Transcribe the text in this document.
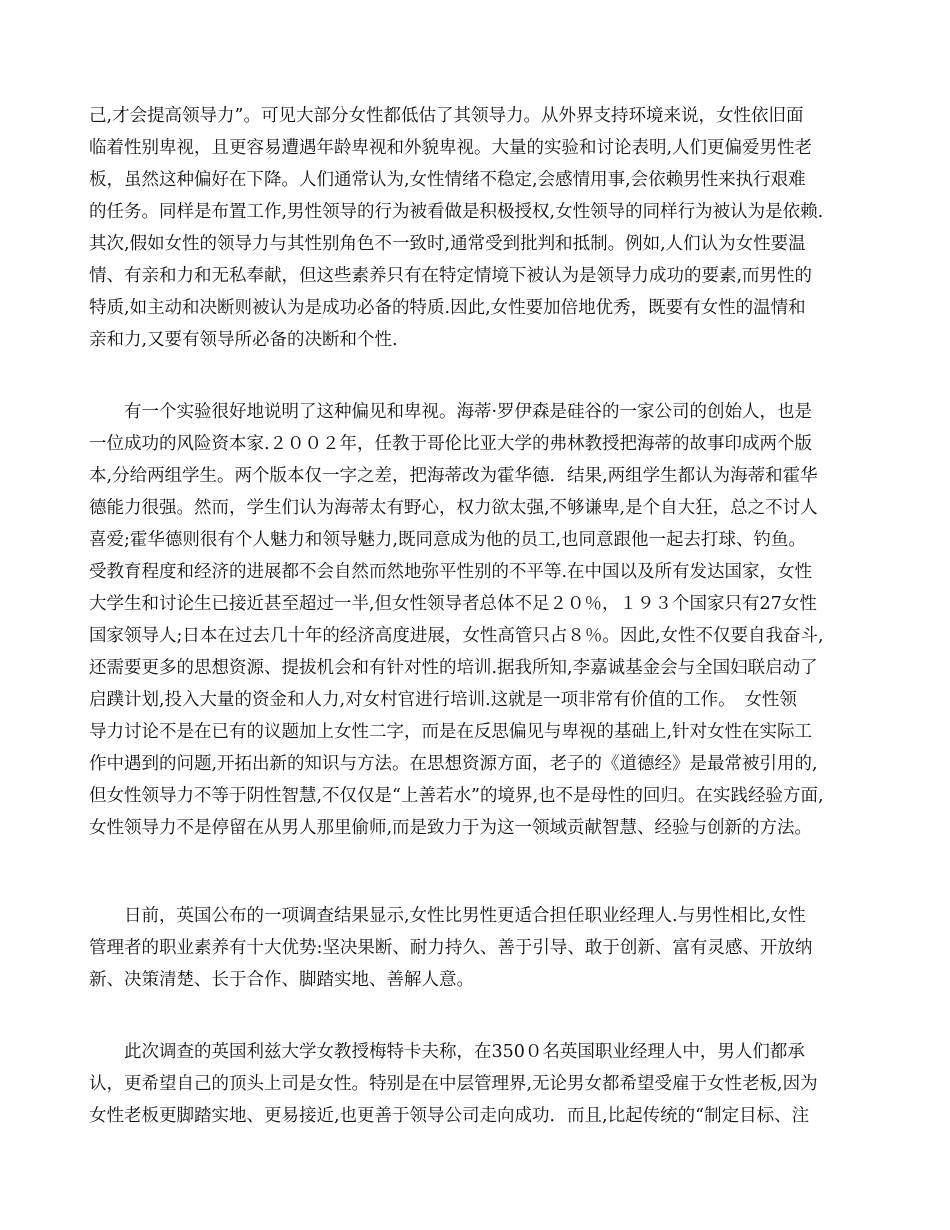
己,才会提高领导力”。可见大部分女性都低估了其领导力。从外界支持环境来说，女性依旧面
临着性别卑视，且更容易遭遇年龄卑视和外貌卑视。大量的实验和讨论表明,人们更偏爱男性老
板，虽然这种偏好在下降。人们通常认为,女性情绪不稳定,会感情用事,会依赖男性来执行艰难
的任务。同样是布置工作,男性领导的行为被看做是积极授权,女性领导的同样行为被认为是依赖.
其次,假如女性的领导力与其性别角色不一致时,通常受到批判和抵制。例如,人们认为女性要温
情、有亲和力和无私奉献，但这些素养只有在特定情境下被认为是领导力成功的要素,而男性的
特质,如主动和决断则被认为是成功必备的特质.因此,女性要加倍地优秀，既要有女性的温情和
亲和力,又要有领导所必备的决断和个性.
　　有一个实验很好地说明了这种偏见和卑视。海蒂·罗伊森是硅谷的一家公司的创始人，也是
一位成功的风险资本家.２００２年，任教于哥伦比亚大学的弗林教授把海蒂的故事印成两个版
本,分给两组学生。两个版本仅一字之差，把海蒂改为霍华德．结果,两组学生都认为海蒂和霍华
德能力很强。然而，学生们认为海蒂太有野心，权力欲太强,不够谦卑,是个自大狂，总之不讨人
喜爱;霍华德则很有个人魅力和领导魅力,既同意成为他的员工,也同意跟他一起去打球、钓鱼。
受教育程度和经济的进展都不会自然而然地弥平性别的不平等.在中国以及所有发达国家，女性
大学生和讨论生已接近甚至超过一半,但女性领导者总体不足２０％，１９３个国家只有27女性
国家领导人;日本在过去几十年的经济高度进展，女性高管只占８％。因此,女性不仅要自我奋斗,
还需要更多的思想资源、提拔机会和有针对性的培训.据我所知,李嘉诚基金会与全国妇联启动了
启蹼计划,投入大量的资金和人力,对女村官进行培训.这就是一项非常有价值的工作。　女性领
导力讨论不是在已有的议题加上女性二字，而是在反思偏见与卑视的基础上,针对女性在实际工
作中遇到的问题,开拓出新的知识与方法。在思想资源方面，老子的《道德经》是最常被引用的,
但女性领导力不等于阴性智慧,不仅仅是“上善若水”的境界,也不是母性的回归。在实践经验方面,
女性领导力不是停留在从男人那里偷师,而是致力于为这一领域贡献智慧、经验与创新的方法。
　　日前，英国公布的一项调查结果显示,女性比男性更适合担任职业经理人.与男性相比,女性
管理者的职业素养有十大优势:坚决果断、耐力持久、善于引导、敢于创新、富有灵感、开放纳
新、决策清楚、长于合作、脚踏实地、善解人意。
　　此次调查的英国利兹大学女教授梅特卡夫称，在350０名英国职业经理人中，男人们都承
认，更希望自己的顶头上司是女性。特别是在中层管理界,无论男女都希望受雇于女性老板,因为
女性老板更脚踏实地、更易接近,也更善于领导公司走向成功．而且,比起传统的“制定目标、注
